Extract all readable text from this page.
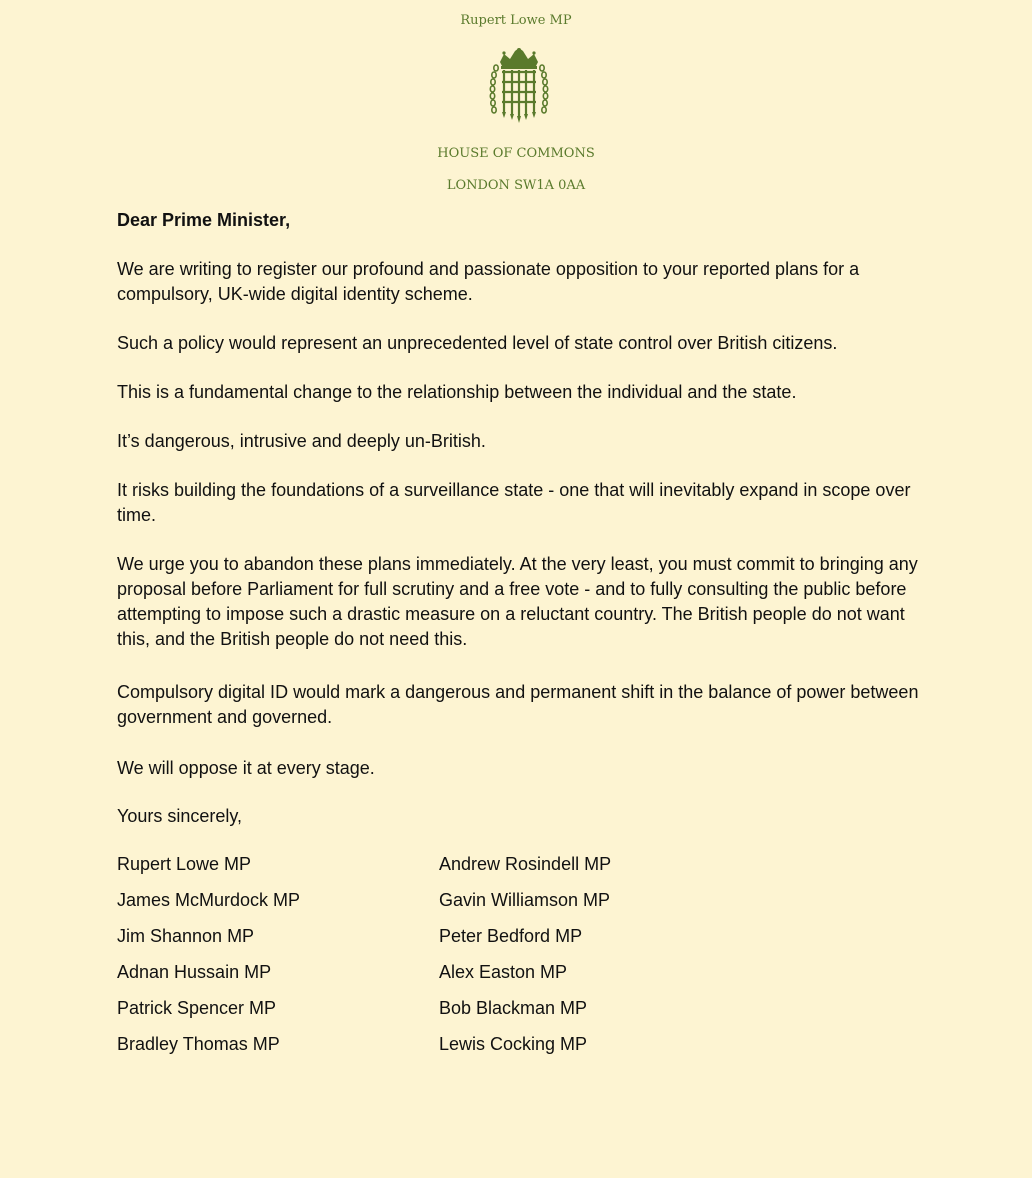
Rupert Lowe MP
HOUSE OF COMMONS
LONDON SW1A 0AA

Dear Prime Minister,

We are writing to register our profound and passionate opposition to your reported plans for a compulsory, UK-wide digital identity scheme.

Such a policy would represent an unprecedented level of state control over British citizens.

This is a fundamental change to the relationship between the individual and the state.

It’s dangerous, intrusive and deeply un-British.

It risks building the foundations of a surveillance state - one that will inevitably expand in scope over time.

We urge you to abandon these plans immediately. At the very least, you must commit to bringing any proposal before Parliament for full scrutiny and a free vote - and to fully consulting the public before attempting to impose such a drastic measure on a reluctant country. The British people do not want this, and the British people do not need this.

Compulsory digital ID would mark a dangerous and permanent shift in the balance of power between government and governed.

We will oppose it at every stage.

Yours sincerely,

Rupert Lowe MP
James McMurdock MP
Jim Shannon MP
Adnan Hussain MP
Patrick Spencer MP
Bradley Thomas MP
Andrew Rosindell MP
Gavin Williamson MP
Peter Bedford MP
Alex Easton MP
Bob Blackman MP
Lewis Cocking MP
